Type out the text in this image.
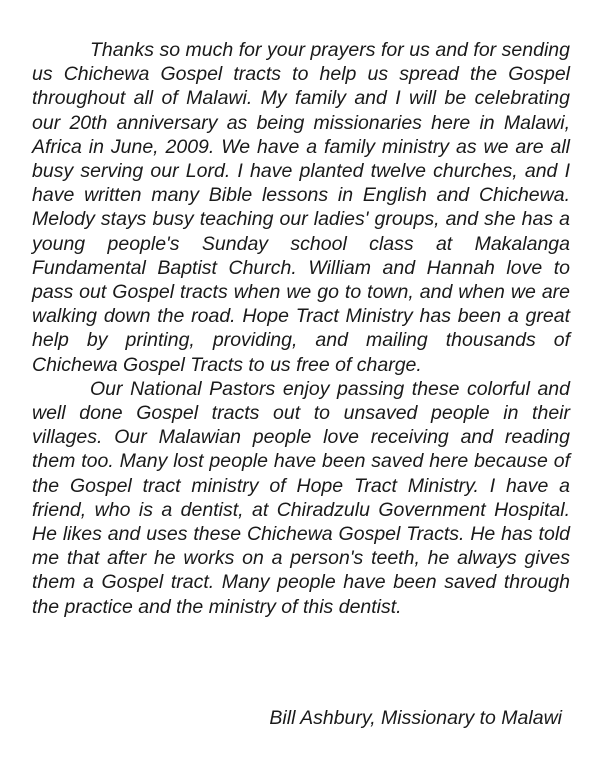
Thanks so much for your prayers for us and for sending us Chichewa Gospel tracts to help us spread the Gospel throughout all of Malawi. My family and I will be celebrating our 20th anniversary as being missionaries here in Malawi, Africa in June, 2009. We have a family ministry as we are all busy serving our Lord. I have planted twelve churches, and I have written many Bible lessons in English and Chichewa. Melody stays busy teaching our ladies' groups, and she has a young people's Sunday school class at Makalanga Fundamental Baptist Church. William and Hannah love to pass out Gospel tracts when we go to town, and when we are walking down the road. Hope Tract Ministry has been a great help by printing, providing, and mailing thousands of Chichewa Gospel Tracts to us free of charge.

Our National Pastors enjoy passing these colorful and well done Gospel tracts out to unsaved people in their villages. Our Malawian people love receiving and reading them too. Many lost people have been saved here because of the Gospel tract ministry of Hope Tract Ministry. I have a friend, who is a dentist, at Chiradzulu Government Hospital. He likes and uses these Chichewa Gospel Tracts. He has told me that after he works on a person's teeth, he always gives them a Gospel tract. Many people have been saved through the practice and the ministry of this dentist.

Bill Ashbury, Missionary to Malawi
